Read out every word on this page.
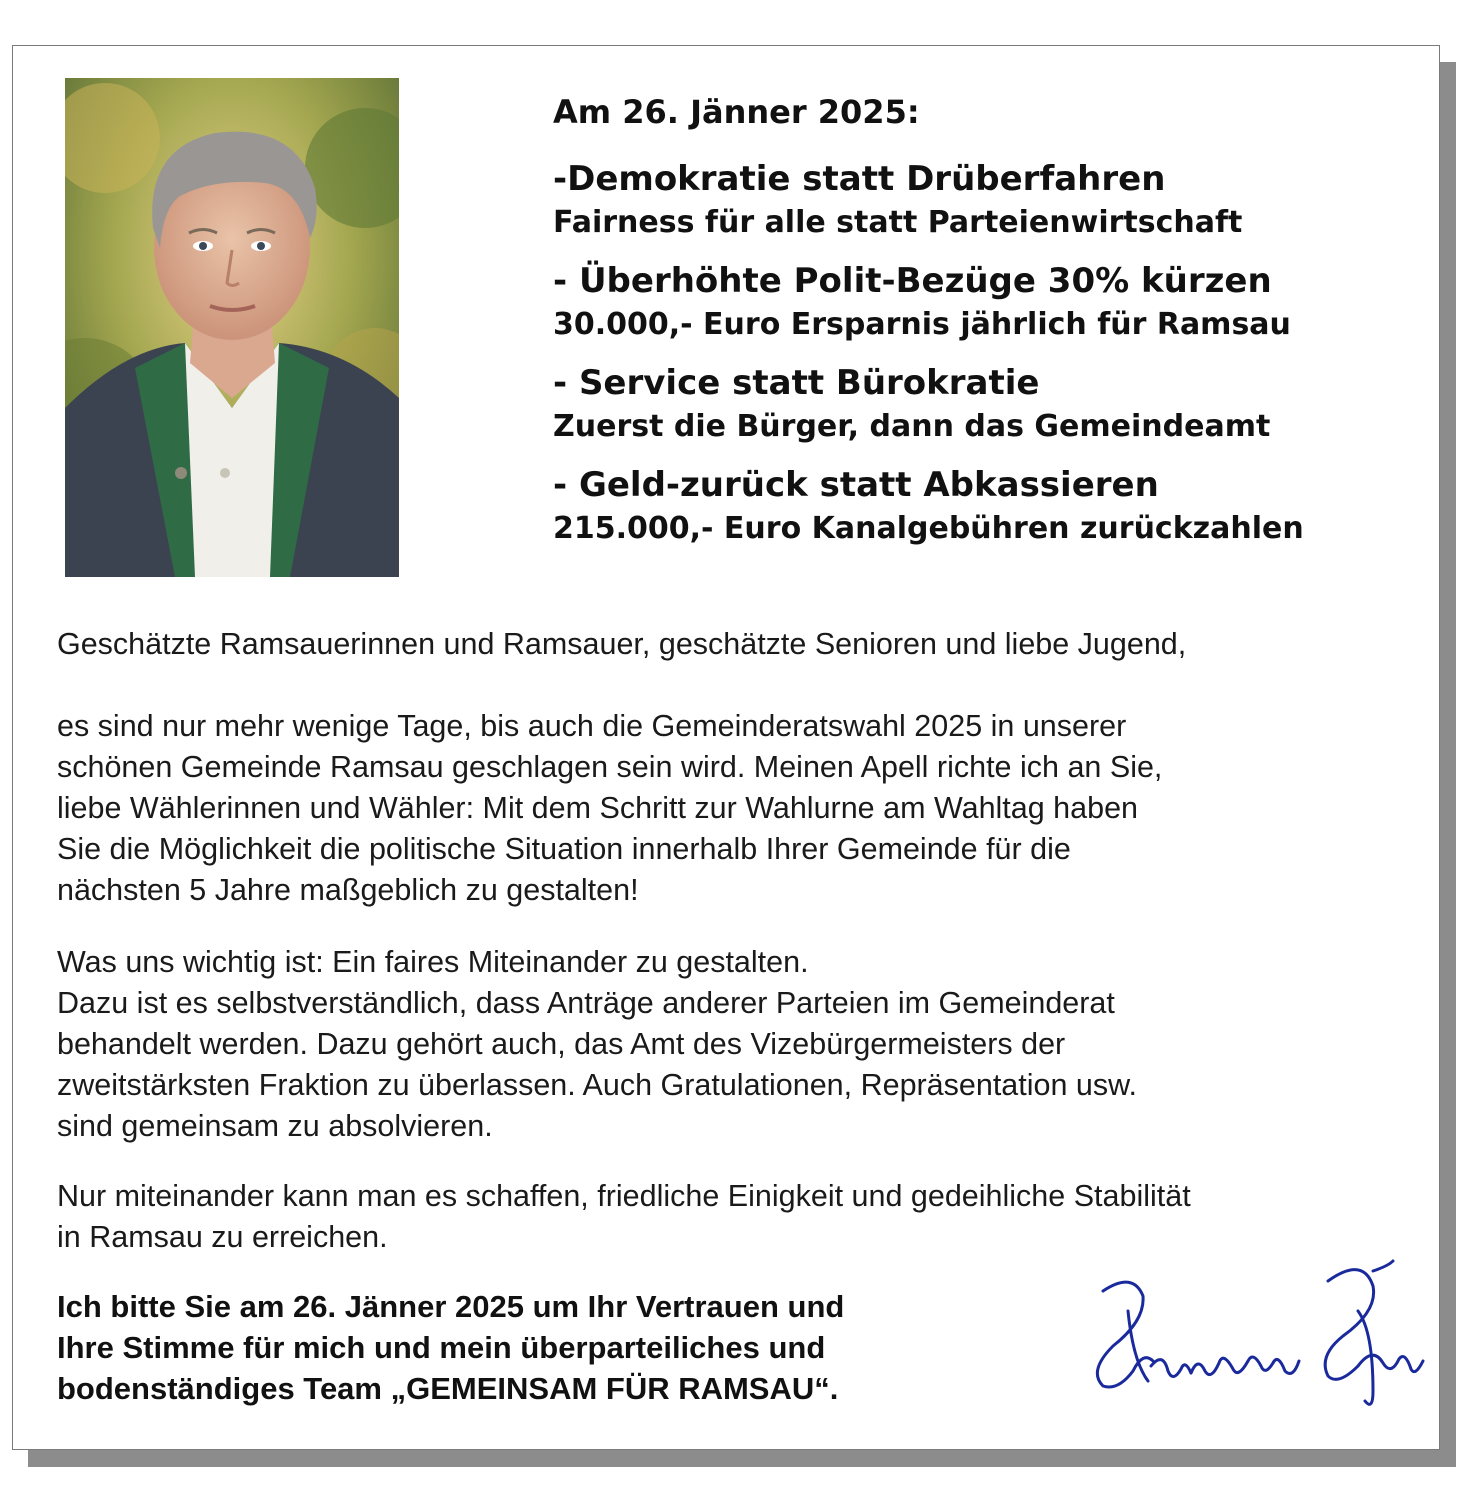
Am 26. Jänner 2025:
-Demokratie statt Drüberfahren
Fairness für alle statt Parteienwirtschaft
- Überhöhte Polit-Bezüge 30% kürzen
30.000,- Euro Ersparnis jährlich für Ramsau
- Service statt Bürokratie
Zuerst die Bürger, dann das Gemeindeamt
- Geld-zurück statt Abkassieren
215.000,- Euro Kanalgebühren zurückzahlen
Geschätzte Ramsauerinnen und Ramsauer, geschätzte Senioren und liebe Jugend,
es sind nur mehr wenige Tage, bis auch die Gemeinderatswahl 2025 in unserer
schönen Gemeinde Ramsau geschlagen sein wird. Meinen Apell richte ich an Sie,
liebe Wählerinnen und Wähler: Mit dem Schritt zur Wahlurne am Wahltag haben
Sie die Möglichkeit die politische Situation innerhalb Ihrer Gemeinde für die
nächsten 5 Jahre maßgeblich zu gestalten!
Was uns wichtig ist: Ein faires Miteinander zu gestalten.
Dazu ist es selbstverständlich, dass Anträge anderer Parteien im Gemeinderat
behandelt werden. Dazu gehört auch, das Amt des Vizebürgermeisters der
zweitstärksten Fraktion zu überlassen. Auch Gratulationen, Repräsentation usw.
sind gemeinsam zu absolvieren.
Nur miteinander kann man es schaffen, friedliche Einigkeit und gedeihliche Stabilität
in Ramsau zu erreichen.
Ich bitte Sie am 26. Jänner 2025 um Ihr Vertrauen und
Ihre Stimme für mich und mein überparteiliches und
bodenständiges Team „GEMEINSAM FÜR RAMSAU“.
